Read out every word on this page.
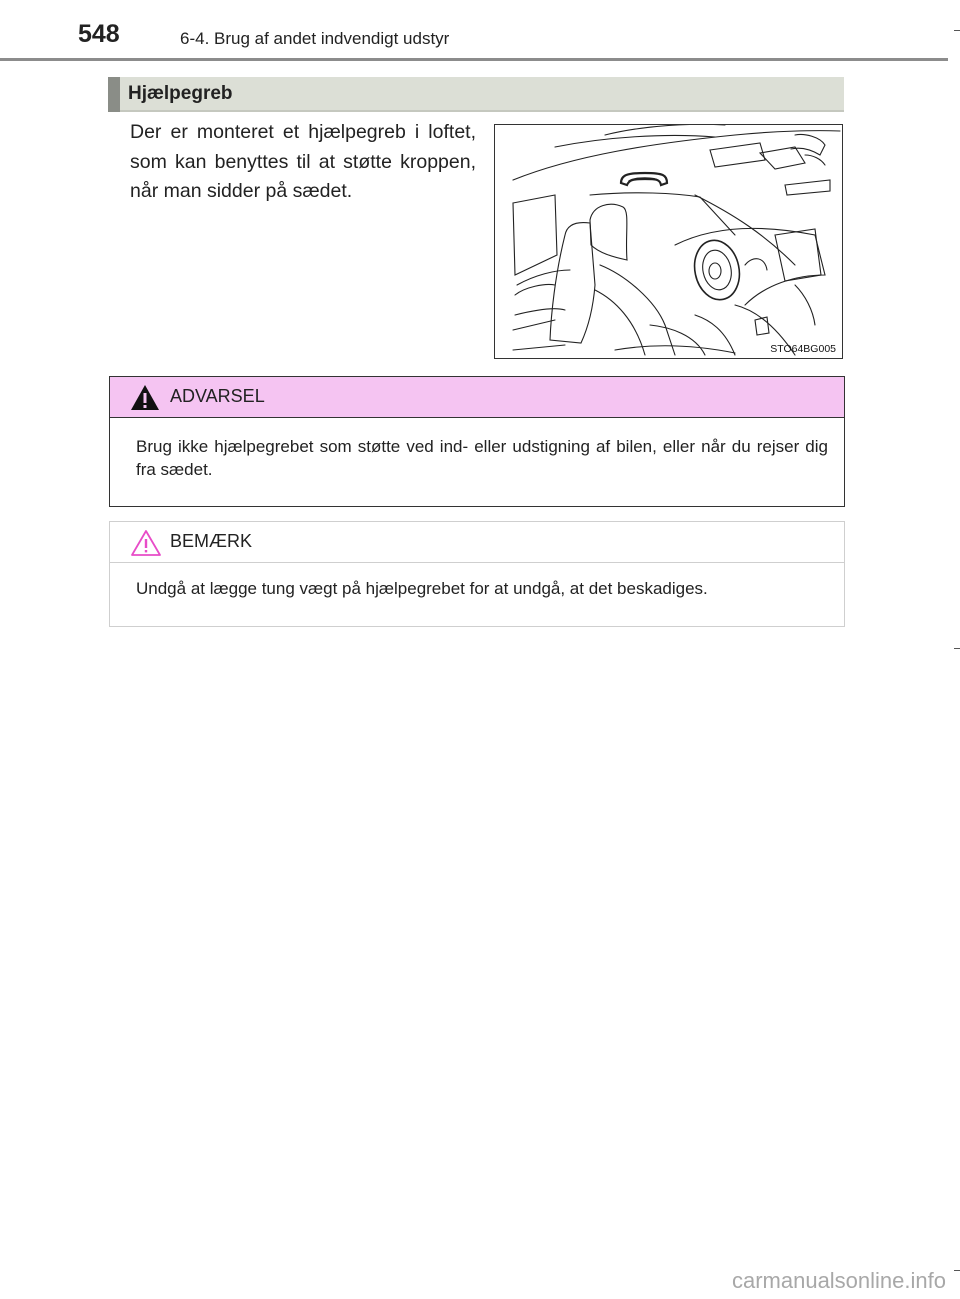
548	6-4. Brug af andet indvendigt udstyr
Hjælpegreb
Der er monteret et hjælpegreb i loftet, som kan benyttes til at støtte kroppen, når man sidder på sædet.
STO64BG005
ADVARSEL
Brug ikke hjælpegrebet som støtte ved ind- eller udstigning af bilen, eller når du rejser dig fra sædet.
BEMÆRK
Undgå at lægge tung vægt på hjælpegrebet for at undgå, at det beskadiges.
carmanualsonline.info
